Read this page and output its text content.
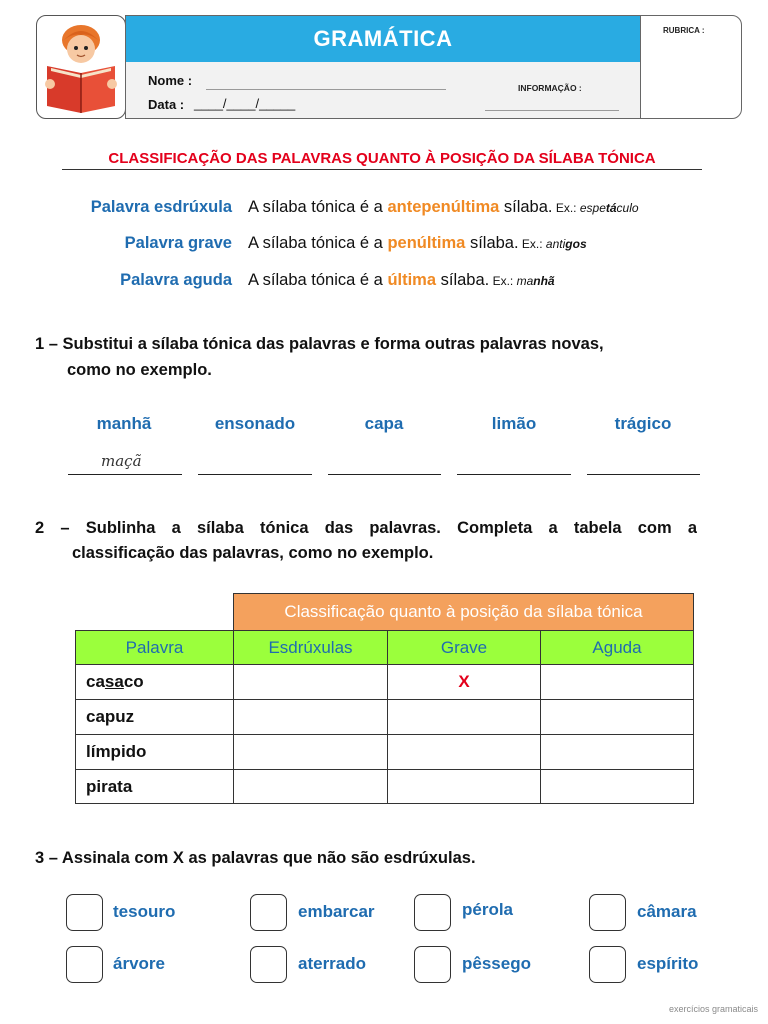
GRAMÁTICA
Nome :
Data : ____/____/_____
INFORMAÇÃO :
RUBRICA :
CLASSIFICAÇÃO DAS PALAVRAS QUANTO À POSIÇÃO DA SÍLABA TÓNICA
Palavra esdrúxula A sílaba tónica é a antepenúltima sílaba. Ex.: espetáculo
Palavra grave A sílaba tónica é a penúltima sílaba. Ex.: antigos
Palavra aguda A sílaba tónica é a última sílaba. Ex.: manhã
1 – Substitui a sílaba tónica das palavras e forma outras palavras novas,
como no exemplo.
manhã	ensonado	capa	limão	trágico
maçã
2 – Sublinha a sílaba tónica das palavras. Completa a tabela com a
classificação das palavras, como no exemplo.
	Classificação quanto à posição da sílaba tónica		
Palavra	Esdrúxulas	Grave	Aguda
casaco		X	
capuz			
límpido			
pirata			
3 – Assinala com X as palavras que não são esdrúxulas.
tesouro	embarcar	pérola	câmara
árvore	aterrado	pêssego	espírito
exercícios gramaticais
